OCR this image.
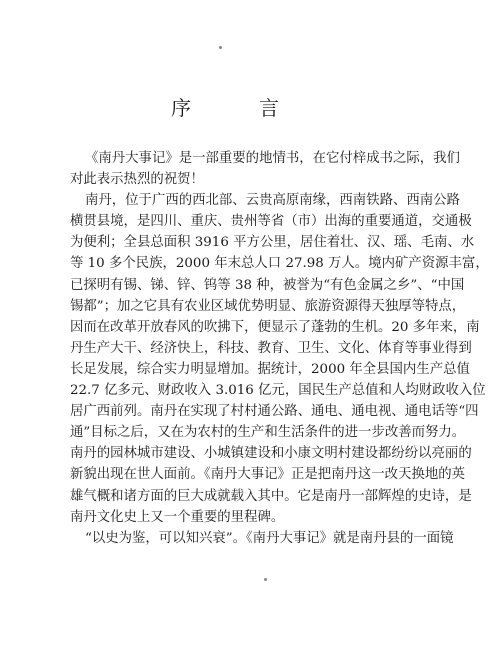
序　言
《南丹大事记》是一部重要的地情书，在它付梓成书之际，我们
对此表示热烈的祝贺！
南丹，位于广西的西北部、云贵高原南缘，西南铁路、西南公路
横贯县境，是四川、重庆、贵州等省（市）出海的重要通道，交通极
为便利；全县总面积 3916 平方公里，居住着壮、汉、瑶、毛南、水
等 10 多个民族，2000 年末总人口 27.98 万人。境内矿产资源丰富，
已探明有锡、锑、锌、钨等 38 种，被誉为“有色金属之乡”、“中国
锡都”；加之它具有农业区域优势明显、旅游资源得天独厚等特点，
因而在改革开放春风的吹拂下，便显示了蓬勃的生机。20 多年来，南
丹生产大干、经济快上，科技、教育、卫生、文化、体育等事业得到
长足发展，综合实力明显增加。据统计，2000 年全县国内生产总值
22.7 亿多元、财政收入 3.016 亿元，国民生产总值和人均财政收入位
居广西前列。南丹在实现了村村通公路、通电、通电视、通电话等“四
通”目标之后，又在为农村的生产和生活条件的进一步改善而努力。
南丹的园林城市建设、小城镇建设和小康文明村建设都纷纷以亮丽的
新貌出现在世人面前。《南丹大事记》正是把南丹这一改天换地的英
雄气概和诸方面的巨大成就载入其中。它是南丹一部辉煌的史诗，是
南丹文化史上又一个重要的里程碑。
“以史为鉴，可以知兴衰”。《南丹大事记》就是南丹县的一面镜
